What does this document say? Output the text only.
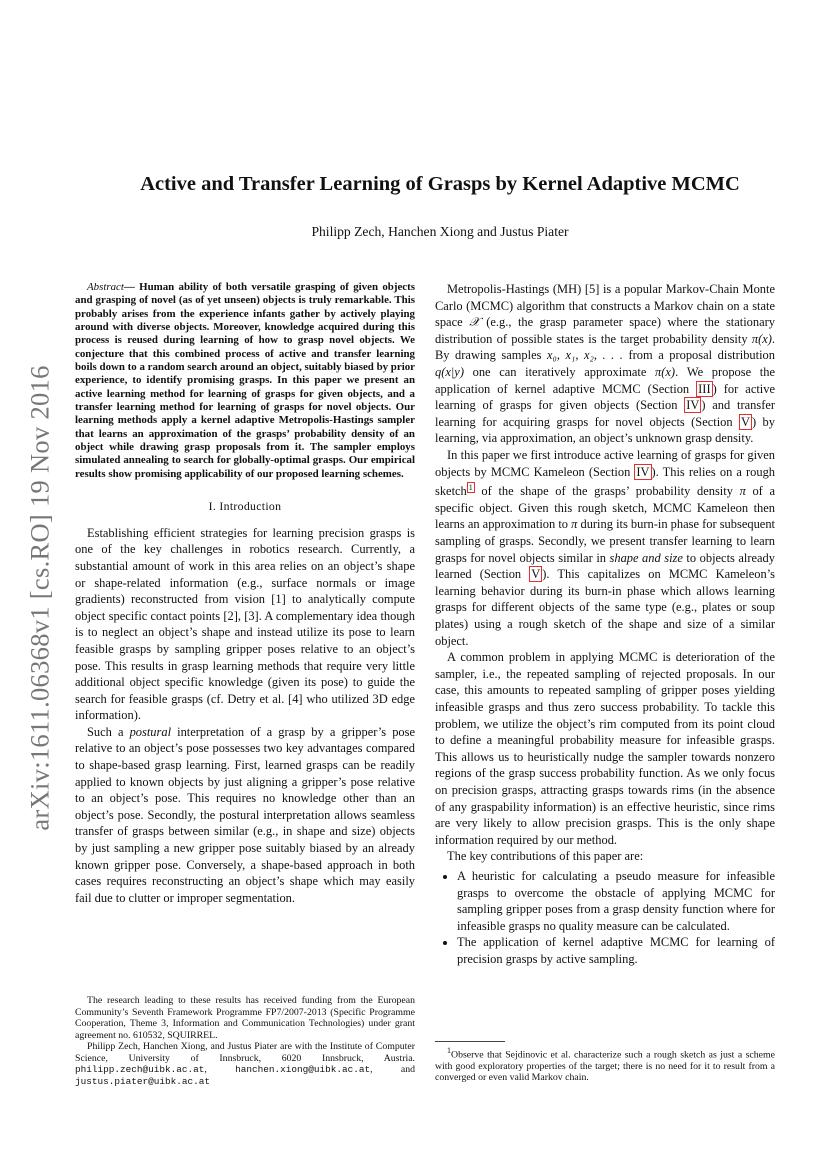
arXiv:1611.06368v1 [cs.RO] 19 Nov 2016
Active and Transfer Learning of Grasps by Kernel Adaptive MCMC

Philipp Zech, Hanchen Xiong and Justus Piater

Abstract— Human ability of both versatile grasping of given objects and grasping of novel (as of yet unseen) objects is truly remarkable. This probably arises from the experience infants gather by actively playing around with diverse objects. Moreover, knowledge acquired during this process is reused during learning of how to grasp novel objects. We conjecture that this combined process of active and transfer learning boils down to a random search around an object, suitably biased by prior experience, to identify promising grasps. In this paper we present an active learning method for learning of grasps for given objects, and a transfer learning method for learning of grasps for novel objects. Our learning methods apply a kernel adaptive Metropolis-Hastings sampler that learns an approximation of the grasps’ probability density of an object while drawing grasp proposals from it. The sampler employs simulated annealing to search for globally-optimal grasps. Our empirical results show promising applicability of our proposed learning schemes.

I. Introduction

Establishing efficient strategies for learning precision grasps is one of the key challenges in robotics research. Currently, a substantial amount of work in this area relies on an object’s shape or shape-related information (e.g., surface normals or image gradients) reconstructed from vision [1] to analytically compute object specific contact points [2], [3]. A complementary idea though is to neglect an object’s shape and instead utilize its pose to learn feasible grasps by sampling gripper poses relative to an object’s pose. This results in grasp learning methods that require very little additional object specific knowledge (given its pose) to guide the search for feasible grasps (cf. Detry et al. [4] who utilized 3D edge information).

Such a postural interpretation of a grasp by a gripper’s pose relative to an object’s pose possesses two key advantages compared to shape-based grasp learning. First, learned grasps can be readily applied to known objects by just aligning a gripper’s pose relative to an object’s pose. This requires no knowledge other than an object’s pose. Secondly, the postural interpretation allows seamless transfer of grasps between similar (e.g., in shape and size) objects by just sampling a new gripper pose suitably biased by an already known gripper pose. Conversely, a shape-based approach in both cases requires reconstructing an object’s shape which may easily fail due to clutter or improper segmentation.

The research leading to these results has received funding from the European Community’s Seventh Framework Programme FP7/2007-2013 (Specific Programme Cooperation, Theme 3, Information and Communication Technologies) under grant agreement no. 610532, SQUIRREL.

Philipp Zech, Hanchen Xiong, and Justus Piater are with the Institute of Computer Science, University of Innsbruck, 6020 Innsbruck, Austria. philipp.zech@uibk.ac.at, hanchen.xiong@uibk.ac.at, and justus.piater@uibk.ac.at

Metropolis-Hastings (MH) [5] is a popular Markov-Chain Monte Carlo (MCMC) algorithm that constructs a Markov chain on a state space 𝒳 (e.g., the grasp parameter space) where the stationary distribution of possible states is the target probability density π(x). By drawing samples x₀, x₁, x₂, . . . from a proposal distribution q(x|y) one can iteratively approximate π(x). We propose the application of kernel adaptive MCMC (Section III ) for active learning of grasps for given objects (Section IV ) and transfer learning for acquiring grasps for novel objects (Section V ) by learning, via approximation, an object’s unknown grasp density.

In this paper we first introduce active learning of grasps for given objects by MCMC Kameleon (Section IV ). This relies on a rough sketch $^1$ of the shape of the grasps’ probability density π of a specific object. Given this rough sketch, MCMC Kameleon then learns an approximation to π during its burn-in phase for subsequent sampling of grasps. Secondly, we present transfer learning to learn grasps for novel objects similar in shape and size to objects already learned (Section V ). This capitalizes on MCMC Kameleon’s learning behavior during its burn-in phase which allows learning grasps for different objects of the same type (e.g., plates or soup plates) using a rough sketch of the shape and size of a similar object.

A common problem in applying MCMC is deterioration of the sampler, i.e., the repeated sampling of rejected proposals. In our case, this amounts to repeated sampling of gripper poses yielding infeasible grasps and thus zero success probability. To tackle this problem, we utilize the object’s rim computed from its point cloud to define a meaningful probability measure for infeasible grasps. This allows us to heuristically nudge the sampler towards nonzero regions of the grasp success probability function. As we only focus on precision grasps, attracting grasps towards rims (in the absence of any graspability information) is an effective heuristic, since rims are very likely to allow precision grasps. This is the only shape information required by our method.

The key contributions of this paper are:

• A heuristic for calculating a pseudo measure for infeasible grasps to overcome the obstacle of applying MCMC for sampling gripper poses from a grasp density function where for infeasible grasps no quality measure can be calculated.
• The application of kernel adaptive MCMC for learning of precision grasps by active sampling.

$^1$Observe that Sejdinovic et al. characterize such a rough sketch as just a scheme with good exploratory properties of the target; there is no need for it to result from a converged or even valid Markov chain.
